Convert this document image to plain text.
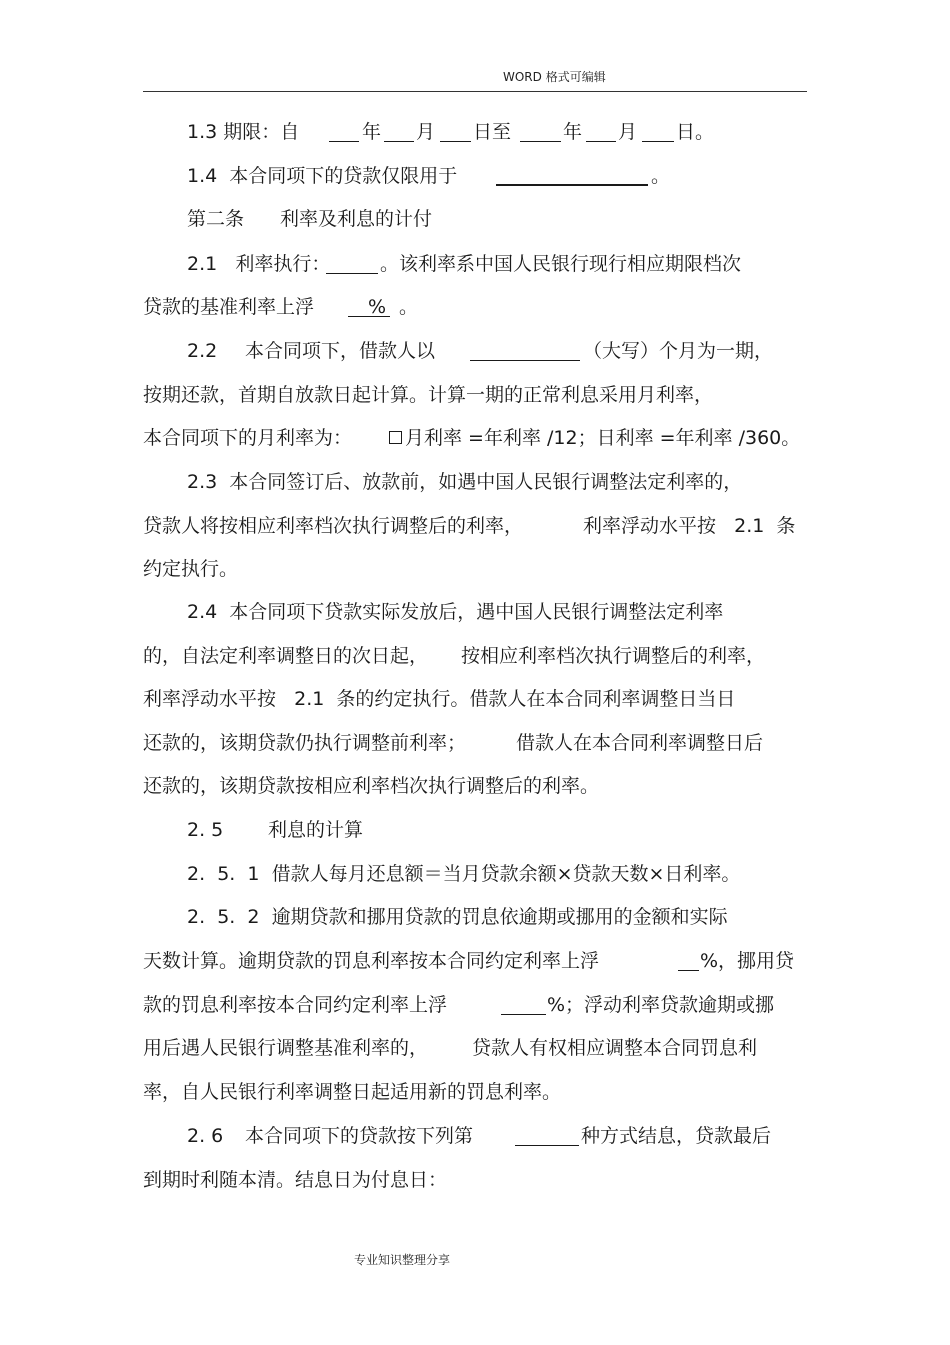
WORD 格式可编辑
1.3 期限：自	年 月 日至	年 月 日。
1.4  本合同项下的贷款仅限用于	。
第二条 利率及利息的计付
2.1   利率执行：	。该利率系中国人民银行现行相应期限档次
贷款的基准利率上浮	% 。
2.2 本合同项下，借款人以	（大写）个月为一期，
按期还款，首期自放款日起计算。计算一期的正常利息采用月利率，
本合同项下的月利率为：	月利率 =年利率 /12；日利率 =年利率 /360。
2.3  本合同签订后、放款前，如遇中国人民银行调整法定利率的，
贷款人将按相应利率档次执行调整后的利率，	利率浮动水平按   2.1  条
约定执行。
2.4  本合同项下贷款实际发放后，遇中国人民银行调整法定利率
的，自法定利率调整日的次日起， 按相应利率档次执行调整后的利率，
利率浮动水平按   2.1  条的约定执行。借款人在本合同利率调整日当日
还款的，该期贷款仍执行调整前利率；	借款人在本合同利率调整日后
还款的，该期贷款按相应利率档次执行调整后的利率。
2. 5 利息的计算
2.  5.  1  借款人每月还息额＝当月贷款余额×贷款天数×日利率。
2.  5.  2  逾期贷款和挪用贷款的罚息依逾期或挪用的金额和实际
天数计算。逾期贷款的罚息利率按本合同约定利率上浮	%，挪用贷
款的罚息利率按本合同约定利率上浮	%；浮动利率贷款逾期或挪
用后遇人民银行调整基准利率的， 贷款人有权相应调整本合同罚息利
率，自人民银行利率调整日起适用新的罚息利率。
2. 6 本合同项下的贷款按下列第	种方式结息，贷款最后
到期时利随本清。结息日为付息日：
专业知识整理分享
